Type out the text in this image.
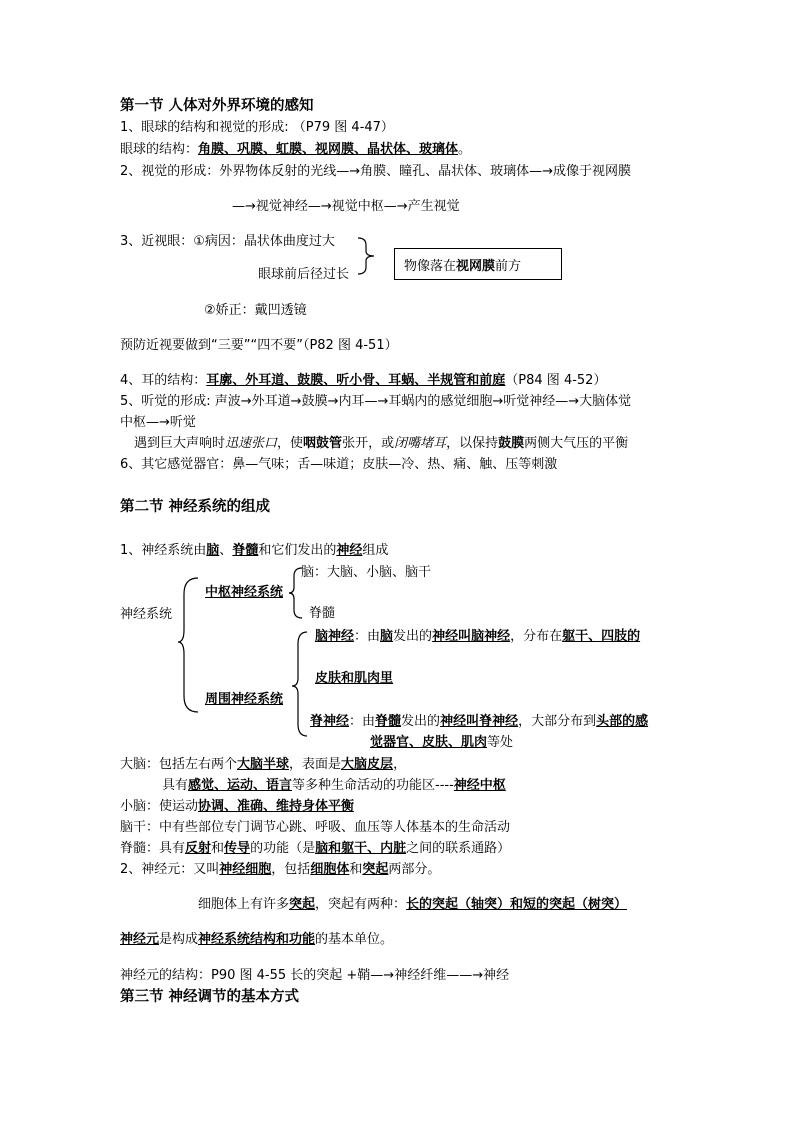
第一节 人体对外界环境的感知
1、眼球的结构和视觉的形成: （P79 图 4-47）
眼球的结构：角膜、巩膜、虹膜、视网膜、晶状体、玻璃体。
2、视觉的形成：外界物体反射的光线—→角膜、瞳孔、晶状体、玻璃体—→成像于视网膜
—→视觉神经—→视觉中枢—→产生视觉
3、近视眼：①病因：晶状体曲度过大
眼球前后径过长
物像落在视网膜前方
②娇正：戴凹透镜
预防近视要做到“三要”“四不要”（P82 图 4-51）
4、耳的结构：耳廓、外耳道、鼓膜、听小骨、耳蜗、半规管和前庭（P84 图 4-52）
5、听觉的形成: 声波→外耳道→鼓膜→内耳—→耳蜗内的感觉细胞→听觉神经—→大脑体觉
中枢—→听觉
遇到巨大声响时迅速张口，使咽鼓管张开，或闭嘴堵耳，以保持鼓膜两侧大气压的平衡
6、其它感觉器官：鼻—气味；舌—味道；皮肤—冷、热、痛、触、压等刺激
第二节 神经系统的组成
1、神经系统由脑、脊髓和它们发出的神经组成
神经系统
中枢神经系统
脑：大脑、小脑、脑干
脊髓
周围神经系统
脑神经：由脑发出的神经叫脑神经，分布在躯干、四肢的
皮肤和肌肉里
脊神经：由脊髓发出的神经叫脊神经，大部分布到头部的感
觉器官、皮肤、肌肉等处
大脑：包括左右两个大脑半球，表面是大脑皮层，
具有感觉、运动、语言等多种生命活动的功能区----神经中枢
小脑：使运动协调、准确、维持身体平衡
脑干：中有些部位专门调节心跳、呼吸、血压等人体基本的生命活动
脊髓：具有反射和传导的功能（是脑和躯干、内脏之间的联系通路）
2、神经元：又叫神经细胞，包括细胞体和突起两部分。
细胞体上有许多突起，突起有两种：长的突起（轴突）和短的突起（树突）
神经元是构成神经系统结构和功能的基本单位。
神经元的结构：P90 图 4-55 长的突起 +鞘—→神经纤维——→神经
第三节 神经调节的基本方式
